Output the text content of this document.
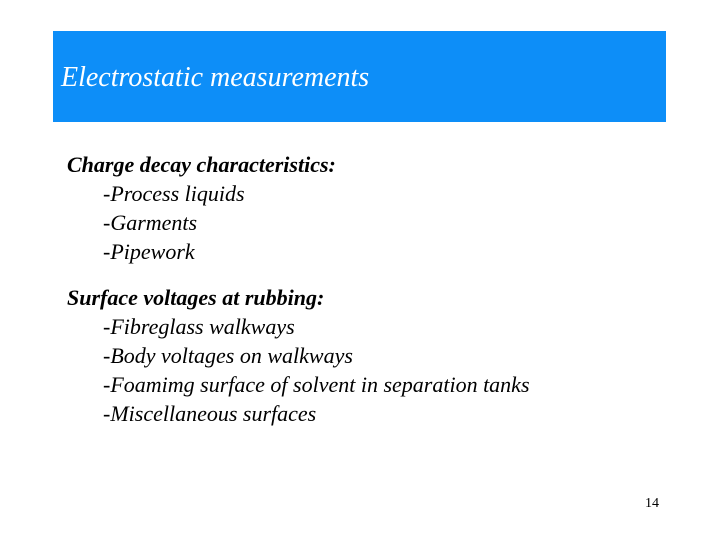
Electrostatic measurements
Charge decay characteristics:
-Process liquids
-Garments
-Pipework
Surface voltages at rubbing:
-Fibreglass walkways
-Body voltages on walkways
-Foamimg surface of solvent in separation tanks
-Miscellaneous surfaces
14
